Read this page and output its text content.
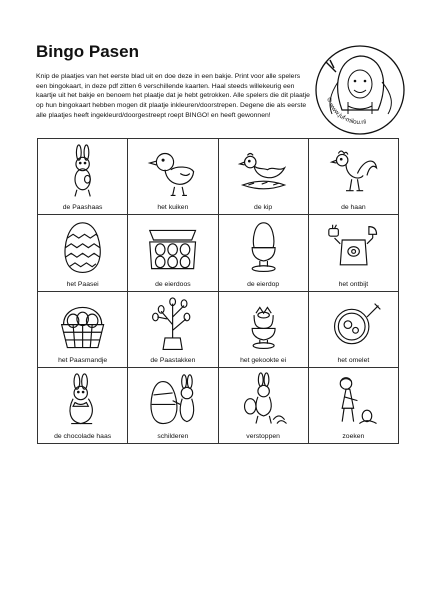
Bingo Pasen

Knip de plaatjes van het eerste blad uit en doe deze in een bakje. Print voor alle spelers een bingokaart, in deze pdf zitten 6 verschillende kaarten. Haal steeds willekeurig een kaartje uit het bakje en benoem het plaatje dat je hebt getrokken. Alle spelers die dit plaatje op hun bingokaart hebben mogen dit plaatje inkleuren/doorstrepen. Degene die als eerste alle plaatjes heeft ingekleurd/doorgestreept roept BINGO! en heeft gewonnen!

© www.juf-milou.nl
de Paashaas	het kuiken	de kip	de haan
het Paasei	de eierdoos	de eierdop	het ontbijt
het Paasmandje	de Paastakken	het gekookte ei	het omelet
de chocolade haas	schilderen	verstoppen	zoeken
